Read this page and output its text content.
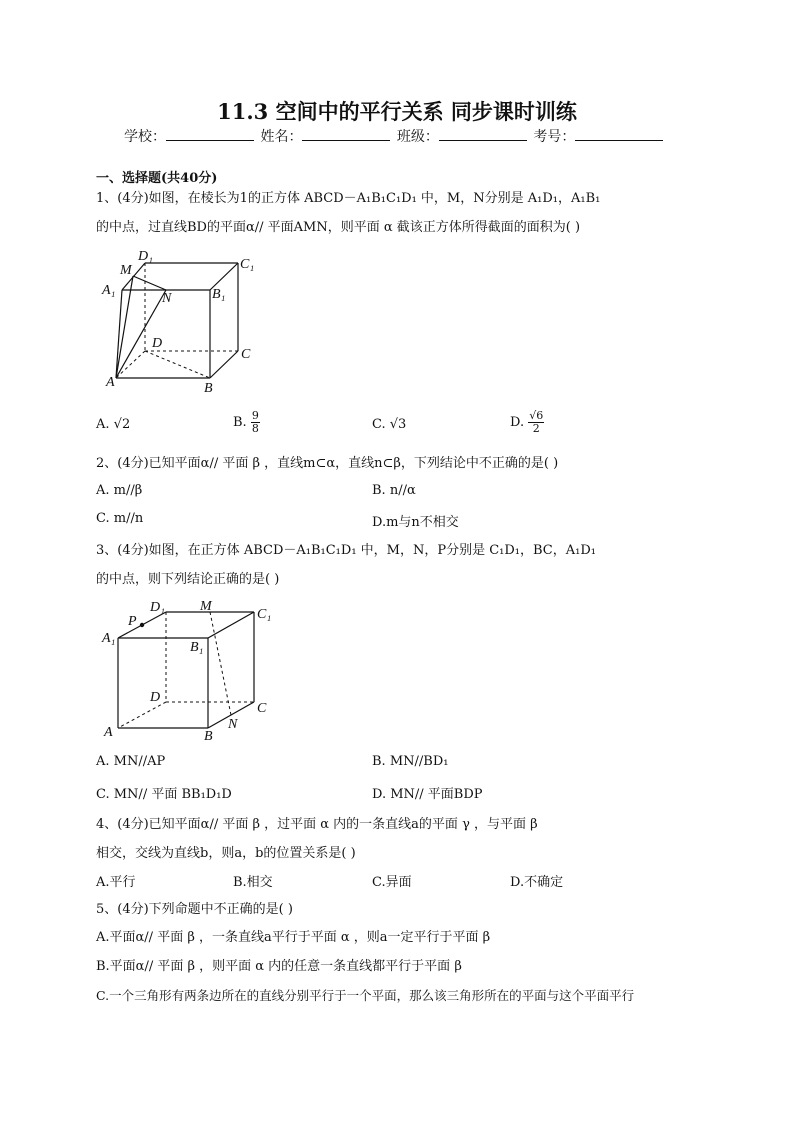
11.3 空间中的平行关系 同步课时训练
学校：	姓名：	班级：	考号：
一、选择题(共40分)
1、(4分)如图，在棱长为1的正方体 ABCD－A₁B₁C₁D₁ 中，M，N分别是 A₁D₁，A₁B₁
的中点，过直线BD的平面α// 平面AMN，则平面 α 截该正方体所得截面的面积为( )
D₁
C₁
M
A₁
N	B₁
D
C
A	B
A. √2	B. $\frac{9}{8}$	C. √3	D. $\frac{√6}{2}$
2、(4分)已知平面α// 平面 β ，直线m⊂α，直线n⊂β，下列结论中不正确的是( )
A. m//β	B. n//α
C. m//n	D.m与n不相交
3、(4分)如图，在正方体 ABCD－A₁B₁C₁D₁ 中，M，N，P分别是 C₁D₁，BC，A₁D₁
的中点，则下列结论正确的是( )
D₁	M
C₁
P
A₁
B₁
D
C
N
A	B
A. MN//AP	B. MN//BD₁
C. MN// 平面 BB₁D₁D	D. MN// 平面BDP
4、(4分)已知平面α// 平面 β ，过平面 α 内的一条直线a的平面 γ ，与平面 β
相交，交线为直线b，则a，b的位置关系是( )
A.平行	B.相交	C.异面	D.不确定
5、(4分)下列命题中不正确的是( )
A.平面α// 平面 β ，一条直线a平行于平面 α ，则a一定平行于平面 β
B.平面α// 平面 β ，则平面 α 内的任意一条直线都平行于平面 β
C.一个三角形有两条边所在的直线分别平行于一个平面，那么该三角形所在的平面与这个平面平行
